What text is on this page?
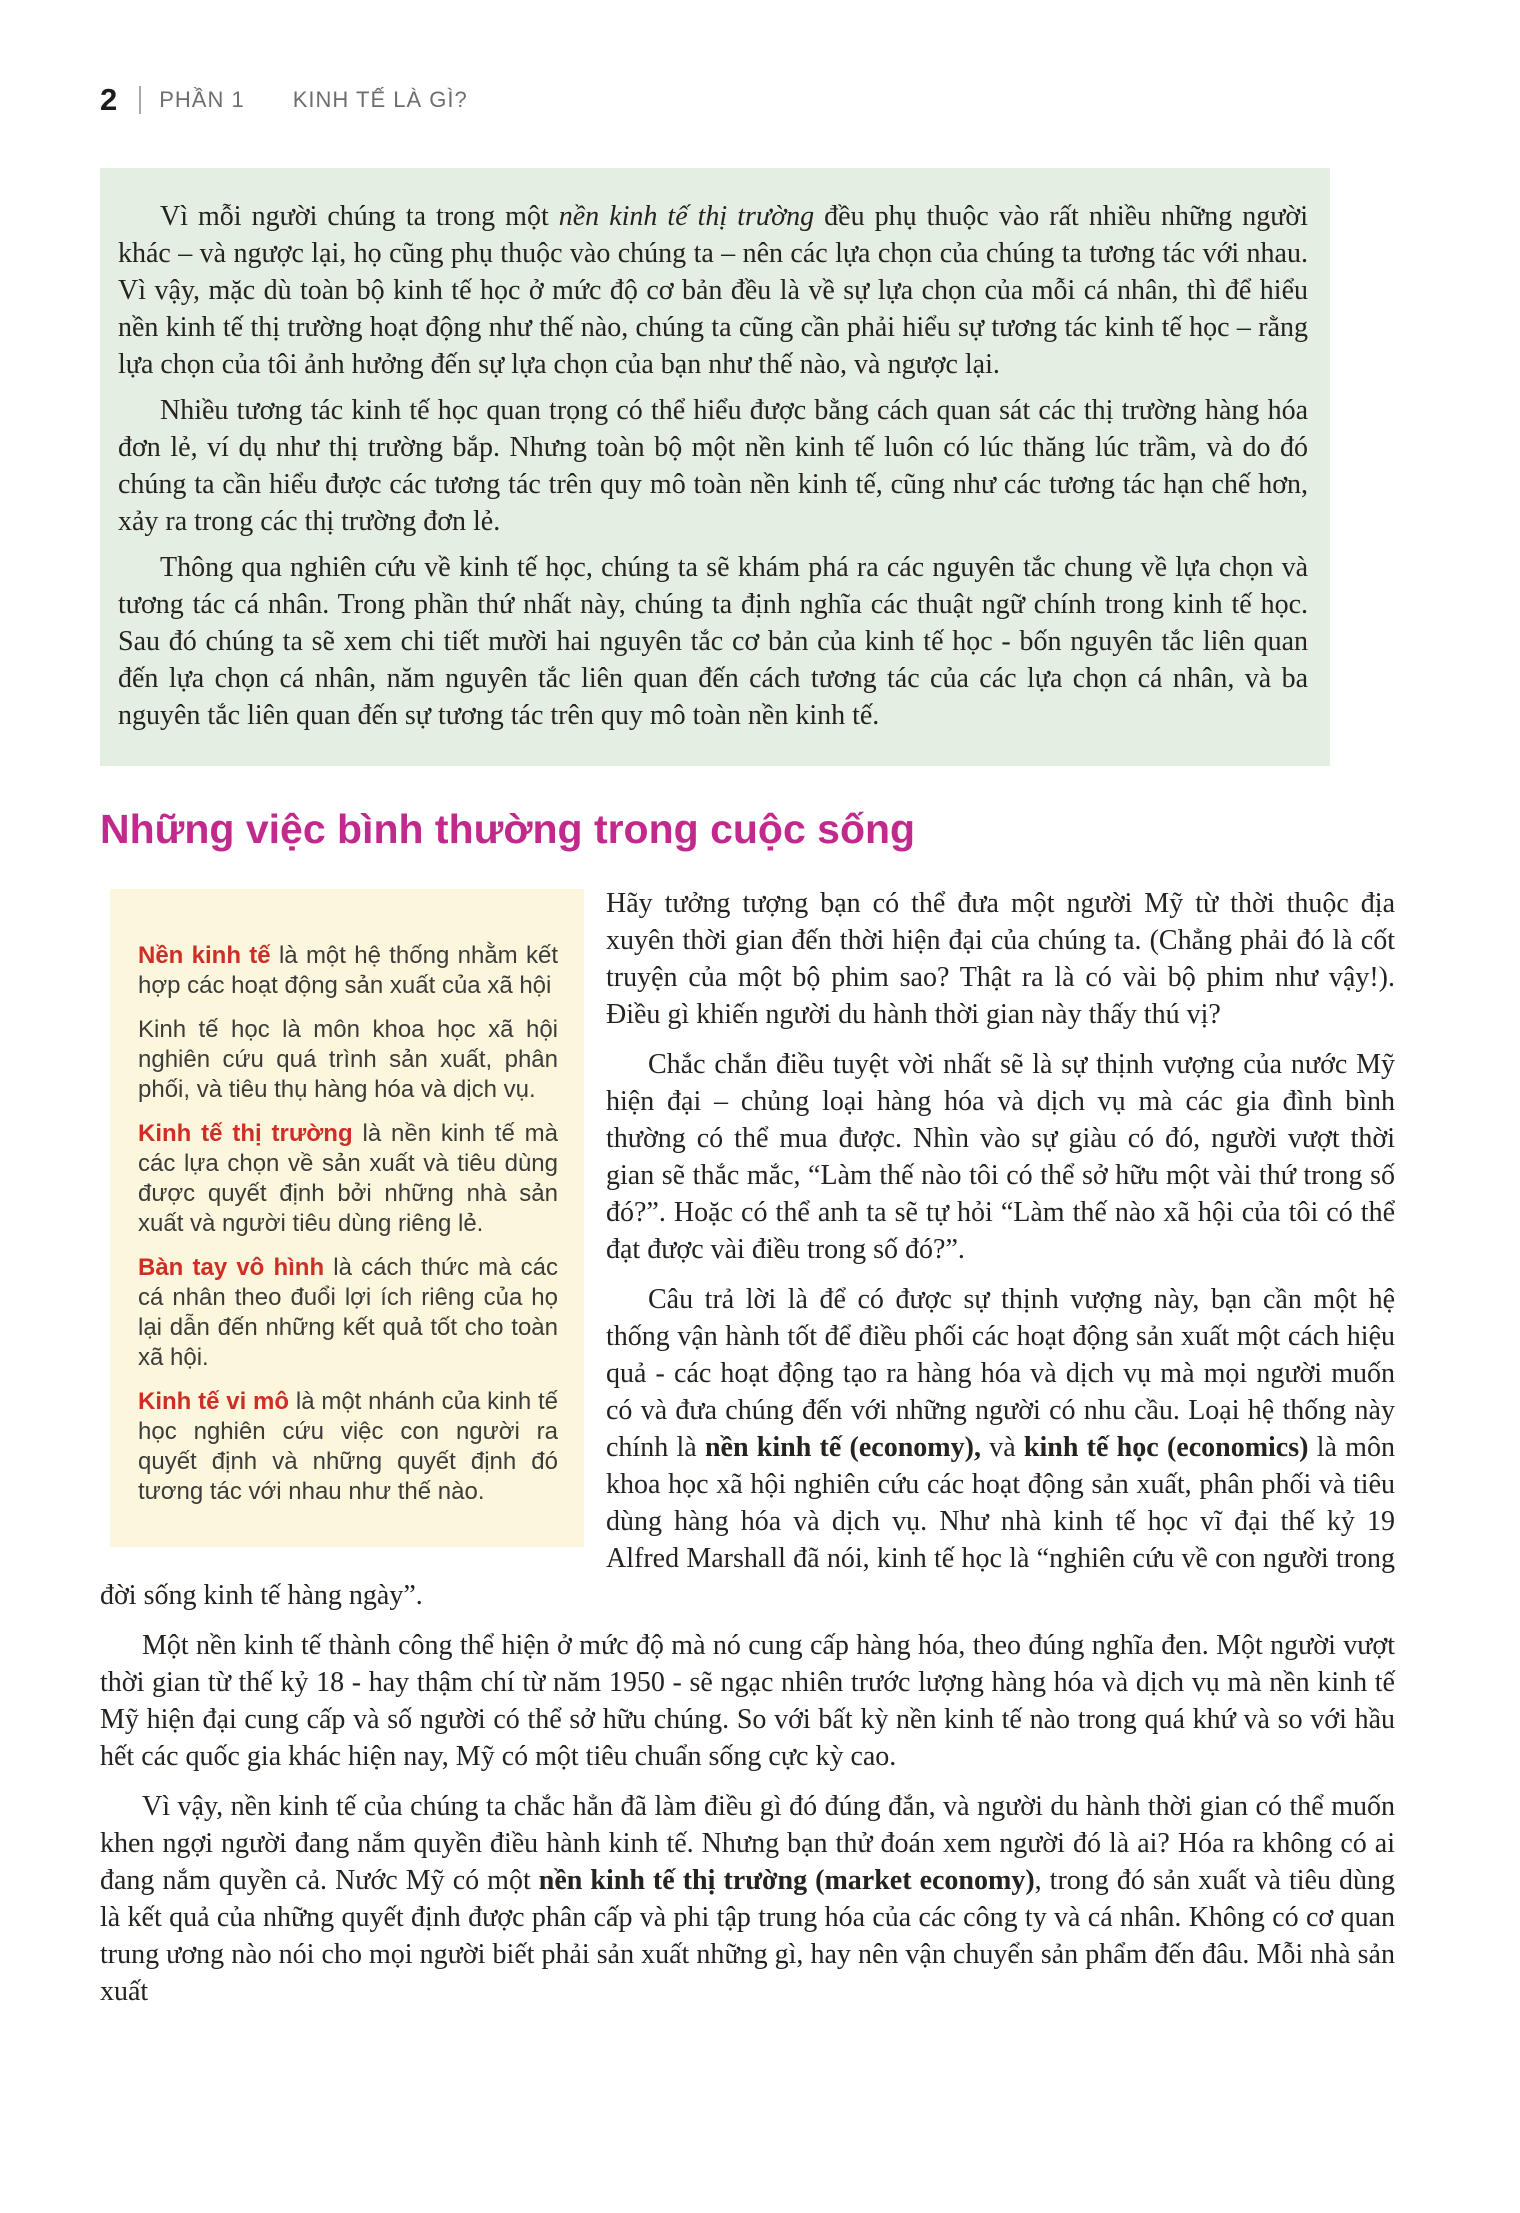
2 PHẦN 1 KINH TẾ LÀ GÌ?

Vì mỗi người chúng ta trong một nền kinh tế thị trường đều phụ thuộc vào rất nhiều những người khác – và ngược lại, họ cũng phụ thuộc vào chúng ta – nên các lựa chọn của chúng ta tương tác với nhau. Vì vậy, mặc dù toàn bộ kinh tế học ở mức độ cơ bản đều là về sự lựa chọn của mỗi cá nhân, thì để hiểu nền kinh tế thị trường hoạt động như thế nào, chúng ta cũng cần phải hiểu sự tương tác kinh tế học – rằng lựa chọn của tôi ảnh hưởng đến sự lựa chọn của bạn như thế nào, và ngược lại.

Nhiều tương tác kinh tế học quan trọng có thể hiểu được bằng cách quan sát các thị trường hàng hóa đơn lẻ, ví dụ như thị trường bắp. Nhưng toàn bộ một nền kinh tế luôn có lúc thăng lúc trầm, và do đó chúng ta cần hiểu được các tương tác trên quy mô toàn nền kinh tế, cũng như các tương tác hạn chế hơn, xảy ra trong các thị trường đơn lẻ.

Thông qua nghiên cứu về kinh tế học, chúng ta sẽ khám phá ra các nguyên tắc chung về lựa chọn và tương tác cá nhân. Trong phần thứ nhất này, chúng ta định nghĩa các thuật ngữ chính trong kinh tế học. Sau đó chúng ta sẽ xem chi tiết mười hai nguyên tắc cơ bản của kinh tế học - bốn nguyên tắc liên quan đến lựa chọn cá nhân, năm nguyên tắc liên quan đến cách tương tác của các lựa chọn cá nhân, và ba nguyên tắc liên quan đến sự tương tác trên quy mô toàn nền kinh tế.

Những việc bình thường trong cuộc sống

Nền kinh tế là một hệ thống nhằm kết hợp các hoạt động sản xuất của xã hội

Kinh tế học là môn khoa học xã hội nghiên cứu quá trình sản xuất, phân phối, và tiêu thụ hàng hóa và dịch vụ.

Kinh tế thị trường là nền kinh tế mà các lựa chọn về sản xuất và tiêu dùng được quyết định bởi những nhà sản xuất và người tiêu dùng riêng lẻ.

Bàn tay vô hình là cách thức mà các cá nhân theo đuổi lợi ích riêng của họ lại dẫn đến những kết quả tốt cho toàn xã hội.

Kinh tế vi mô là một nhánh của kinh tế học nghiên cứu việc con người ra quyết định và những quyết định đó tương tác với nhau như thế nào.

Hãy tưởng tượng bạn có thể đưa một người Mỹ từ thời thuộc địa xuyên thời gian đến thời hiện đại của chúng ta. (Chẳng phải đó là cốt truyện của một bộ phim sao? Thật ra là có vài bộ phim như vậy!). Điều gì khiến người du hành thời gian này thấy thú vị?

Chắc chắn điều tuyệt vời nhất sẽ là sự thịnh vượng của nước Mỹ hiện đại – chủng loại hàng hóa và dịch vụ mà các gia đình bình thường có thể mua được. Nhìn vào sự giàu có đó, người vượt thời gian sẽ thắc mắc, “Làm thế nào tôi có thể sở hữu một vài thứ trong số đó?”. Hoặc có thể anh ta sẽ tự hỏi “Làm thế nào xã hội của tôi có thể đạt được vài điều trong số đó?”.

Câu trả lời là để có được sự thịnh vượng này, bạn cần một hệ thống vận hành tốt để điều phối các hoạt động sản xuất một cách hiệu quả - các hoạt động tạo ra hàng hóa và dịch vụ mà mọi người muốn có và đưa chúng đến với những người có nhu cầu. Loại hệ thống này chính là nền kinh tế (economy), và kinh tế học (economics) là môn khoa học xã hội nghiên cứu các hoạt động sản xuất, phân phối và tiêu dùng hàng hóa và dịch vụ. Như nhà kinh tế học vĩ đại thế kỷ 19 Alfred Marshall đã nói, kinh tế học là “nghiên cứu về con người trong đời sống kinh tế hàng ngày”.

Một nền kinh tế thành công thể hiện ở mức độ mà nó cung cấp hàng hóa, theo đúng nghĩa đen. Một người vượt thời gian từ thế kỷ 18 - hay thậm chí từ năm 1950 - sẽ ngạc nhiên trước lượng hàng hóa và dịch vụ mà nền kinh tế Mỹ hiện đại cung cấp và số người có thể sở hữu chúng. So với bất kỳ nền kinh tế nào trong quá khứ và so với hầu hết các quốc gia khác hiện nay, Mỹ có một tiêu chuẩn sống cực kỳ cao.

Vì vậy, nền kinh tế của chúng ta chắc hẳn đã làm điều gì đó đúng đắn, và người du hành thời gian có thể muốn khen ngợi người đang nắm quyền điều hành kinh tế. Nhưng bạn thử đoán xem người đó là ai? Hóa ra không có ai đang nắm quyền cả. Nước Mỹ có một nền kinh tế thị trường (market economy), trong đó sản xuất và tiêu dùng là kết quả của những quyết định được phân cấp và phi tập trung hóa của các công ty và cá nhân. Không có cơ quan trung ương nào nói cho mọi người biết phải sản xuất những gì, hay nên vận chuyển sản phẩm đến đâu. Mỗi nhà sản xuất
